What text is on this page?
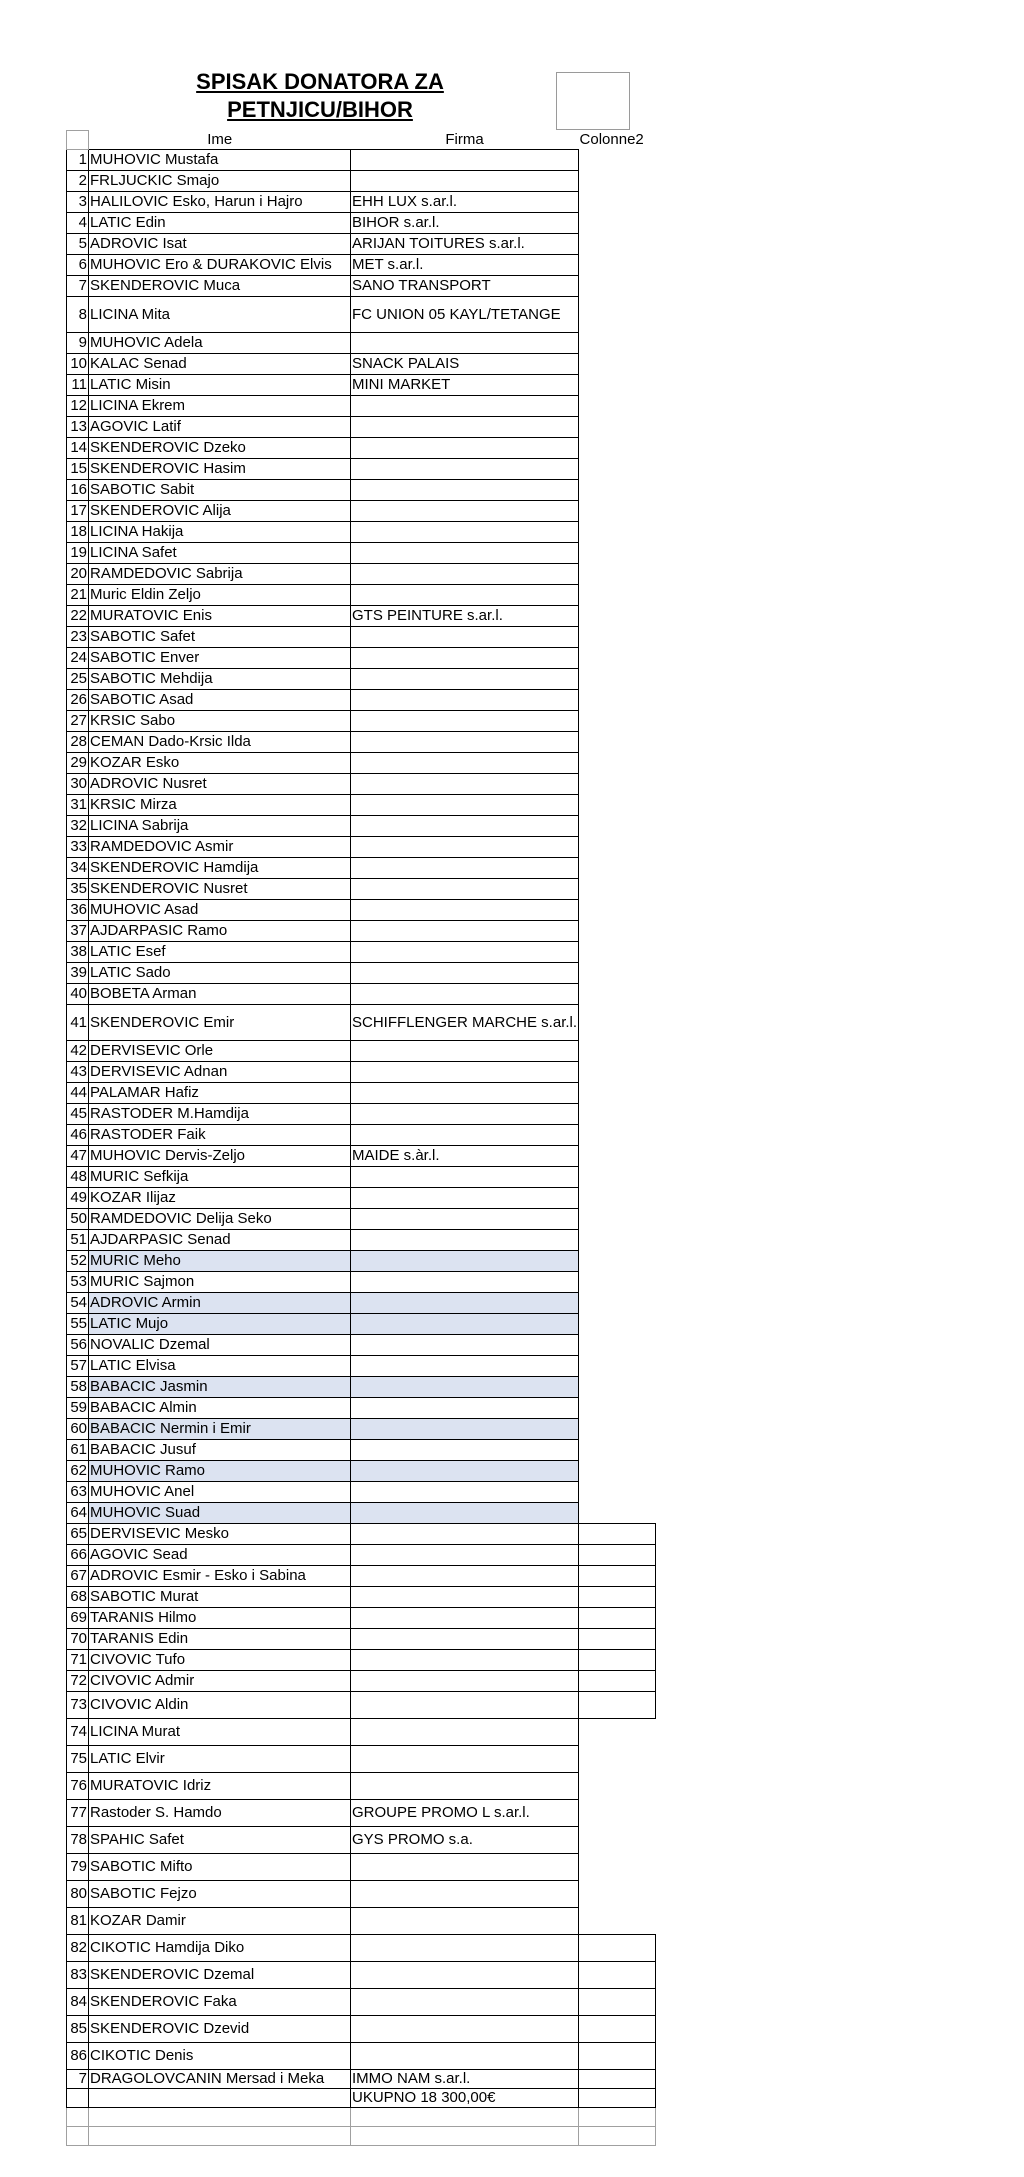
SPISAK DONATORA ZA
PETNJICU/BIHOR
	Ime	Firma	Colonne2
1	MUHOVIC Mustafa		
2	FRLJUCKIC Smajo		
3	HALILOVIC Esko, Harun i Hajro	EHH LUX s.ar.l.	
4	LATIC Edin	BIHOR s.ar.l.	
5	ADROVIC Isat	ARIJAN TOITURES s.ar.l.	
6	MUHOVIC Ero & DURAKOVIC Elvis	MET s.ar.l.	
7	SKENDEROVIC Muca	SANO TRANSPORT	
8	LICINA Mita	FC UNION 05 KAYL/TETANGE	
9	MUHOVIC Adela		
10	KALAC Senad	SNACK PALAIS	
11	LATIC Misin	MINI MARKET	
12	LICINA Ekrem		
13	AGOVIC Latif		
14	SKENDEROVIC Dzeko		
15	SKENDEROVIC Hasim		
16	SABOTIC Sabit		
17	SKENDEROVIC Alija		
18	LICINA Hakija		
19	LICINA Safet		
20	RAMDEDOVIC Sabrija		
21	Muric Eldin Zeljo		
22	MURATOVIC Enis	GTS PEINTURE s.ar.l.	
23	SABOTIC Safet		
24	SABOTIC Enver		
25	SABOTIC Mehdija		
26	SABOTIC Asad		
27	KRSIC Sabo		
28	CEMAN Dado-Krsic Ilda		
29	KOZAR Esko		
30	ADROVIC Nusret		
31	KRSIC Mirza		
32	LICINA Sabrija		
33	RAMDEDOVIC Asmir		
34	SKENDEROVIC Hamdija		
35	SKENDEROVIC Nusret		
36	MUHOVIC Asad		
37	AJDARPASIC Ramo		
38	LATIC Esef		
39	LATIC Sado		
40	BOBETA Arman		
41	SKENDEROVIC Emir	SCHIFFLENGER MARCHE s.ar.l.	
42	DERVISEVIC Orle		
43	DERVISEVIC Adnan		
44	PALAMAR Hafiz		
45	RASTODER M.Hamdija		
46	RASTODER Faik		
47	MUHOVIC Dervis-Zeljo	MAIDE s.àr.l.	
48	MURIC Sefkija		
49	KOZAR Ilijaz		
50	RAMDEDOVIC Delija Seko		
51	AJDARPASIC Senad		
52	MURIC Meho		
53	MURIC Sajmon		
54	ADROVIC Armin		
55	LATIC Mujo		
56	NOVALIC Dzemal		
57	LATIC Elvisa		
58	BABACIC Jasmin		
59	BABACIC Almin		
60	BABACIC Nermin i Emir		
61	BABACIC Jusuf		
62	MUHOVIC Ramo		
63	MUHOVIC Anel		
64	MUHOVIC Suad		
65	DERVISEVIC Mesko		
66	AGOVIC Sead		
67	ADROVIC Esmir - Esko i Sabina		
68	SABOTIC Murat		
69	TARANIS Hilmo		
70	TARANIS Edin		
71	CIVOVIC Tufo		
72	CIVOVIC Admir		
73	CIVOVIC Aldin		
74	LICINA Murat		
75	LATIC Elvir		
76	MURATOVIC Idriz		
77	Rastoder S. Hamdo	GROUPE PROMO L s.ar.l.	
78	SPAHIC Safet	GYS PROMO s.a.	
79	SABOTIC Mifto		
80	SABOTIC Fejzo		
81	KOZAR Damir		
82	CIKOTIC Hamdija Diko		
83	SKENDEROVIC Dzemal		
84	SKENDEROVIC Faka		
85	SKENDEROVIC Dzevid		
86	CIKOTIC Denis		
7	DRAGOLOVCANIN Mersad i Meka	IMMO NAM s.ar.l.	
		UKUPNO 18 300,00€	
